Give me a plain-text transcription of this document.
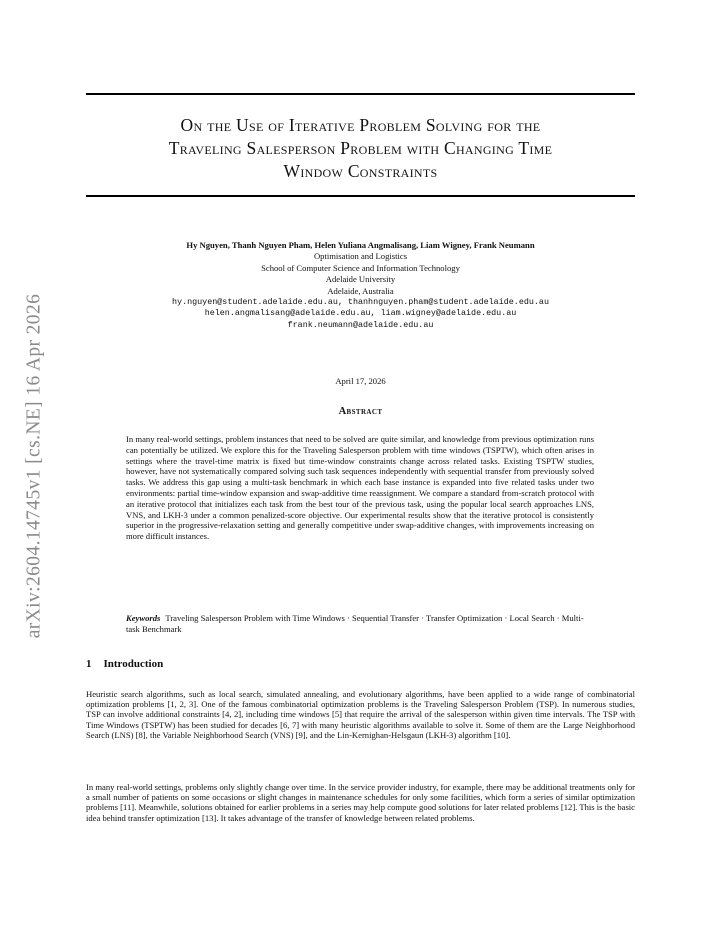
arXiv:2604.14745v1 [cs.NE] 16 Apr 2026
On the Use of Iterative Problem Solving for the
Traveling Salesperson Problem with Changing Time
Window Constraints
Hy Nguyen, Thanh Nguyen Pham, Helen Yuliana Angmalisang, Liam Wigney, Frank Neumann
Optimisation and Logistics
School of Computer Science and Information Technology
Adelaide University
Adelaide, Australia
hy.nguyen@student.adelaide.edu.au, thanhnguyen.pham@student.adelaide.edu.au
helen.angmalisang@adelaide.edu.au, liam.wigney@adelaide.edu.au
frank.neumann@adelaide.edu.au
April 17, 2026
Abstract
In many real-world settings, problem instances that need to be solved are quite similar, and knowledge from previous optimization runs can potentially be utilized. We explore this for the Traveling Salesperson problem with time windows (TSPTW), which often arises in settings where the travel-time matrix is fixed but time-window constraints change across related tasks. Existing TSPTW studies, however, have not systematically compared solving such task sequences independently with sequential transfer from previously solved tasks. We address this gap using a multi-task benchmark in which each base instance is expanded into five related tasks under two environments: partial time-window expansion and swap-additive time reassignment. We compare a standard from-scratch protocol with an iterative protocol that initializes each task from the best tour of the previous task, using the popular local search approaches LNS, VNS, and LKH-3 under a common penalized-score objective. Our experimental results show that the iterative protocol is consistently superior in the progressive-relaxation setting and generally competitive under swap-additive changes, with improvements increasing on more difficult instances.
Keywords Traveling Salesperson Problem with Time Windows · Sequential Transfer · Transfer Optimization · Local Search · Multi-task Benchmark
1 Introduction
Heuristic search algorithms, such as local search, simulated annealing, and evolutionary algorithms, have been applied to a wide range of combinatorial optimization problems [1, 2, 3]. One of the famous combinatorial optimization problems is the Traveling Salesperson Problem (TSP). In numerous studies, TSP can involve additional constraints [4, 2], including time windows [5] that require the arrival of the salesperson within given time intervals. The TSP with Time Windows (TSPTW) has been studied for decades [6, 7] with many heuristic algorithms available to solve it. Some of them are the Large Neighborhood Search (LNS) [8], the Variable Neighborhood Search (VNS) [9], and the Lin-Kernighan-Helsgaun (LKH-3) algorithm [10].
In many real-world settings, problems only slightly change over time. In the service provider industry, for example, there may be additional treatments only for a small number of patients on some occasions or slight changes in maintenance schedules for only some facilities, which form a series of similar optimization problems [11]. Meanwhile, solutions obtained for earlier problems in a series may help compute good solutions for later related problems [12]. This is the basic idea behind transfer optimization [13]. It takes advantage of the transfer of knowledge between related problems.
